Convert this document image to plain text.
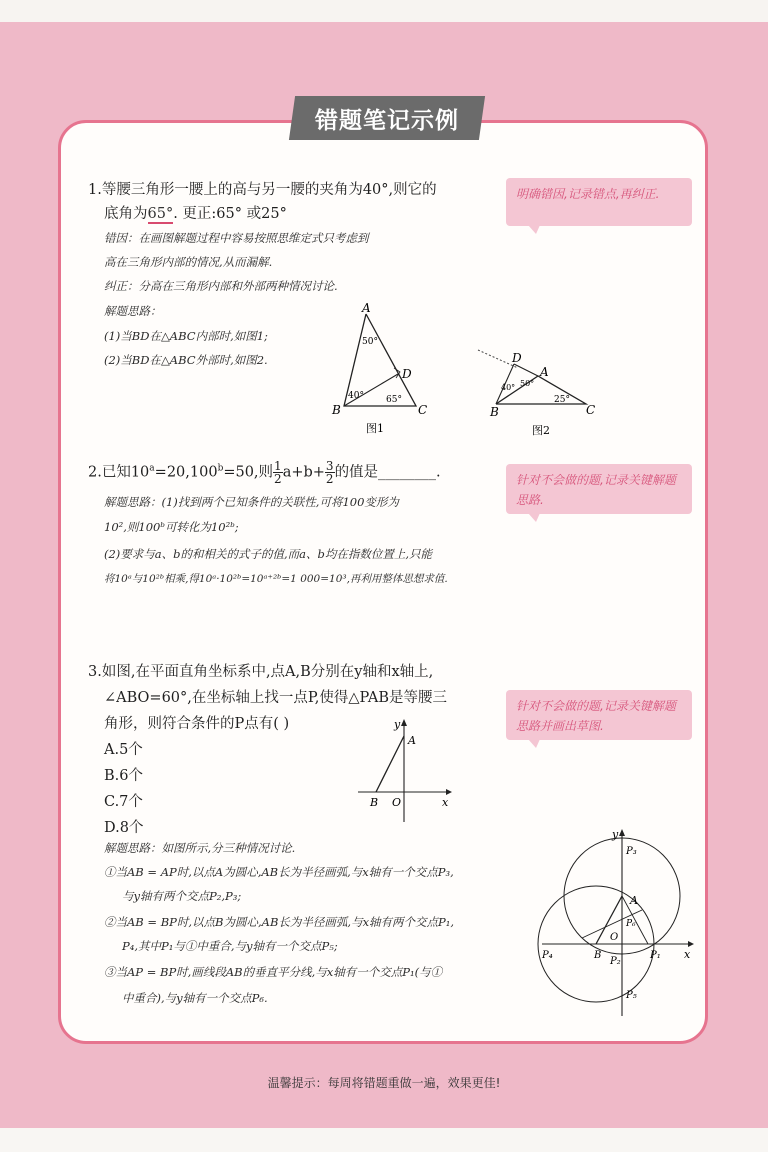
错题笔记示例
1.等腰三角形一腰上的高与另一腰的夹角为40°,则它的
底角为65°. 更正:65° 或25°
错因：在画图解题过程中容易按照思维定式只考虑到
高在三角形内部的情况,从而漏解.
纠正：分高在三角形内部和外部两种情况讨论.
解题思路：
(1)当BD在△ABC内部时,如图1;
(2)当BD在△ABC外部时,如图2.
明确错因,记录错点,再纠正.
A
B	C
D
50°
40° 65°
图1
D
A
B	C
40° 50°
25°
图2
2.已知$10^a=20,100^b=50$,则 $\frac{1}{2} a+b+ \frac{3}{2}$ 的值是________.
解题思路：(1)找到两个已知条件的关联性,可将100变形为
10²,则100ᵇ可转化为10²ᵇ;
(2)要求与a、b的和相关的式子的值,而a、b均在指数位置上,只能
将10ᵃ与10²ᵇ相乘,得10ᵃ·10²ᵇ=10ᵃ⁺²ᵇ=1 000=10³,再利用整体思想求值.
针对不会做的题,记录关键解题思路.
3.如图,在平面直角坐标系中,点A,B分别在y轴和x轴上,
∠ABO=60°,在坐标轴上找一点P,使得△PAB是等腰三
角形，则符合条件的P点有( )
A.5个
B.6个
C.7个
D.8个
针对不会做的题,记录关键解题思路并画出草图.
y
A
B O	x
解题思路：如图所示,分三种情况讨论.
①当AB = AP时,以点A为圆心,AB长为半径画弧,与x轴有一个交点P₃,
与y轴有两个交点P₂,P₃;
②当AB = BP时,以点B为圆心,AB长为半径画弧,与x轴有两个交点P₁,
P₄,其中P₁与①中重合,与y轴有一个交点P₅;
③当AP = BP时,画线段AB的垂直平分线,与x轴有一个交点P₁(与①
中重合),与y轴有一个交点P₆.
y
P₃
A
P₆
O
P₄	B
P₂
P₁ x
P₅
温馨提示：每周将错题重做一遍，效果更佳!
